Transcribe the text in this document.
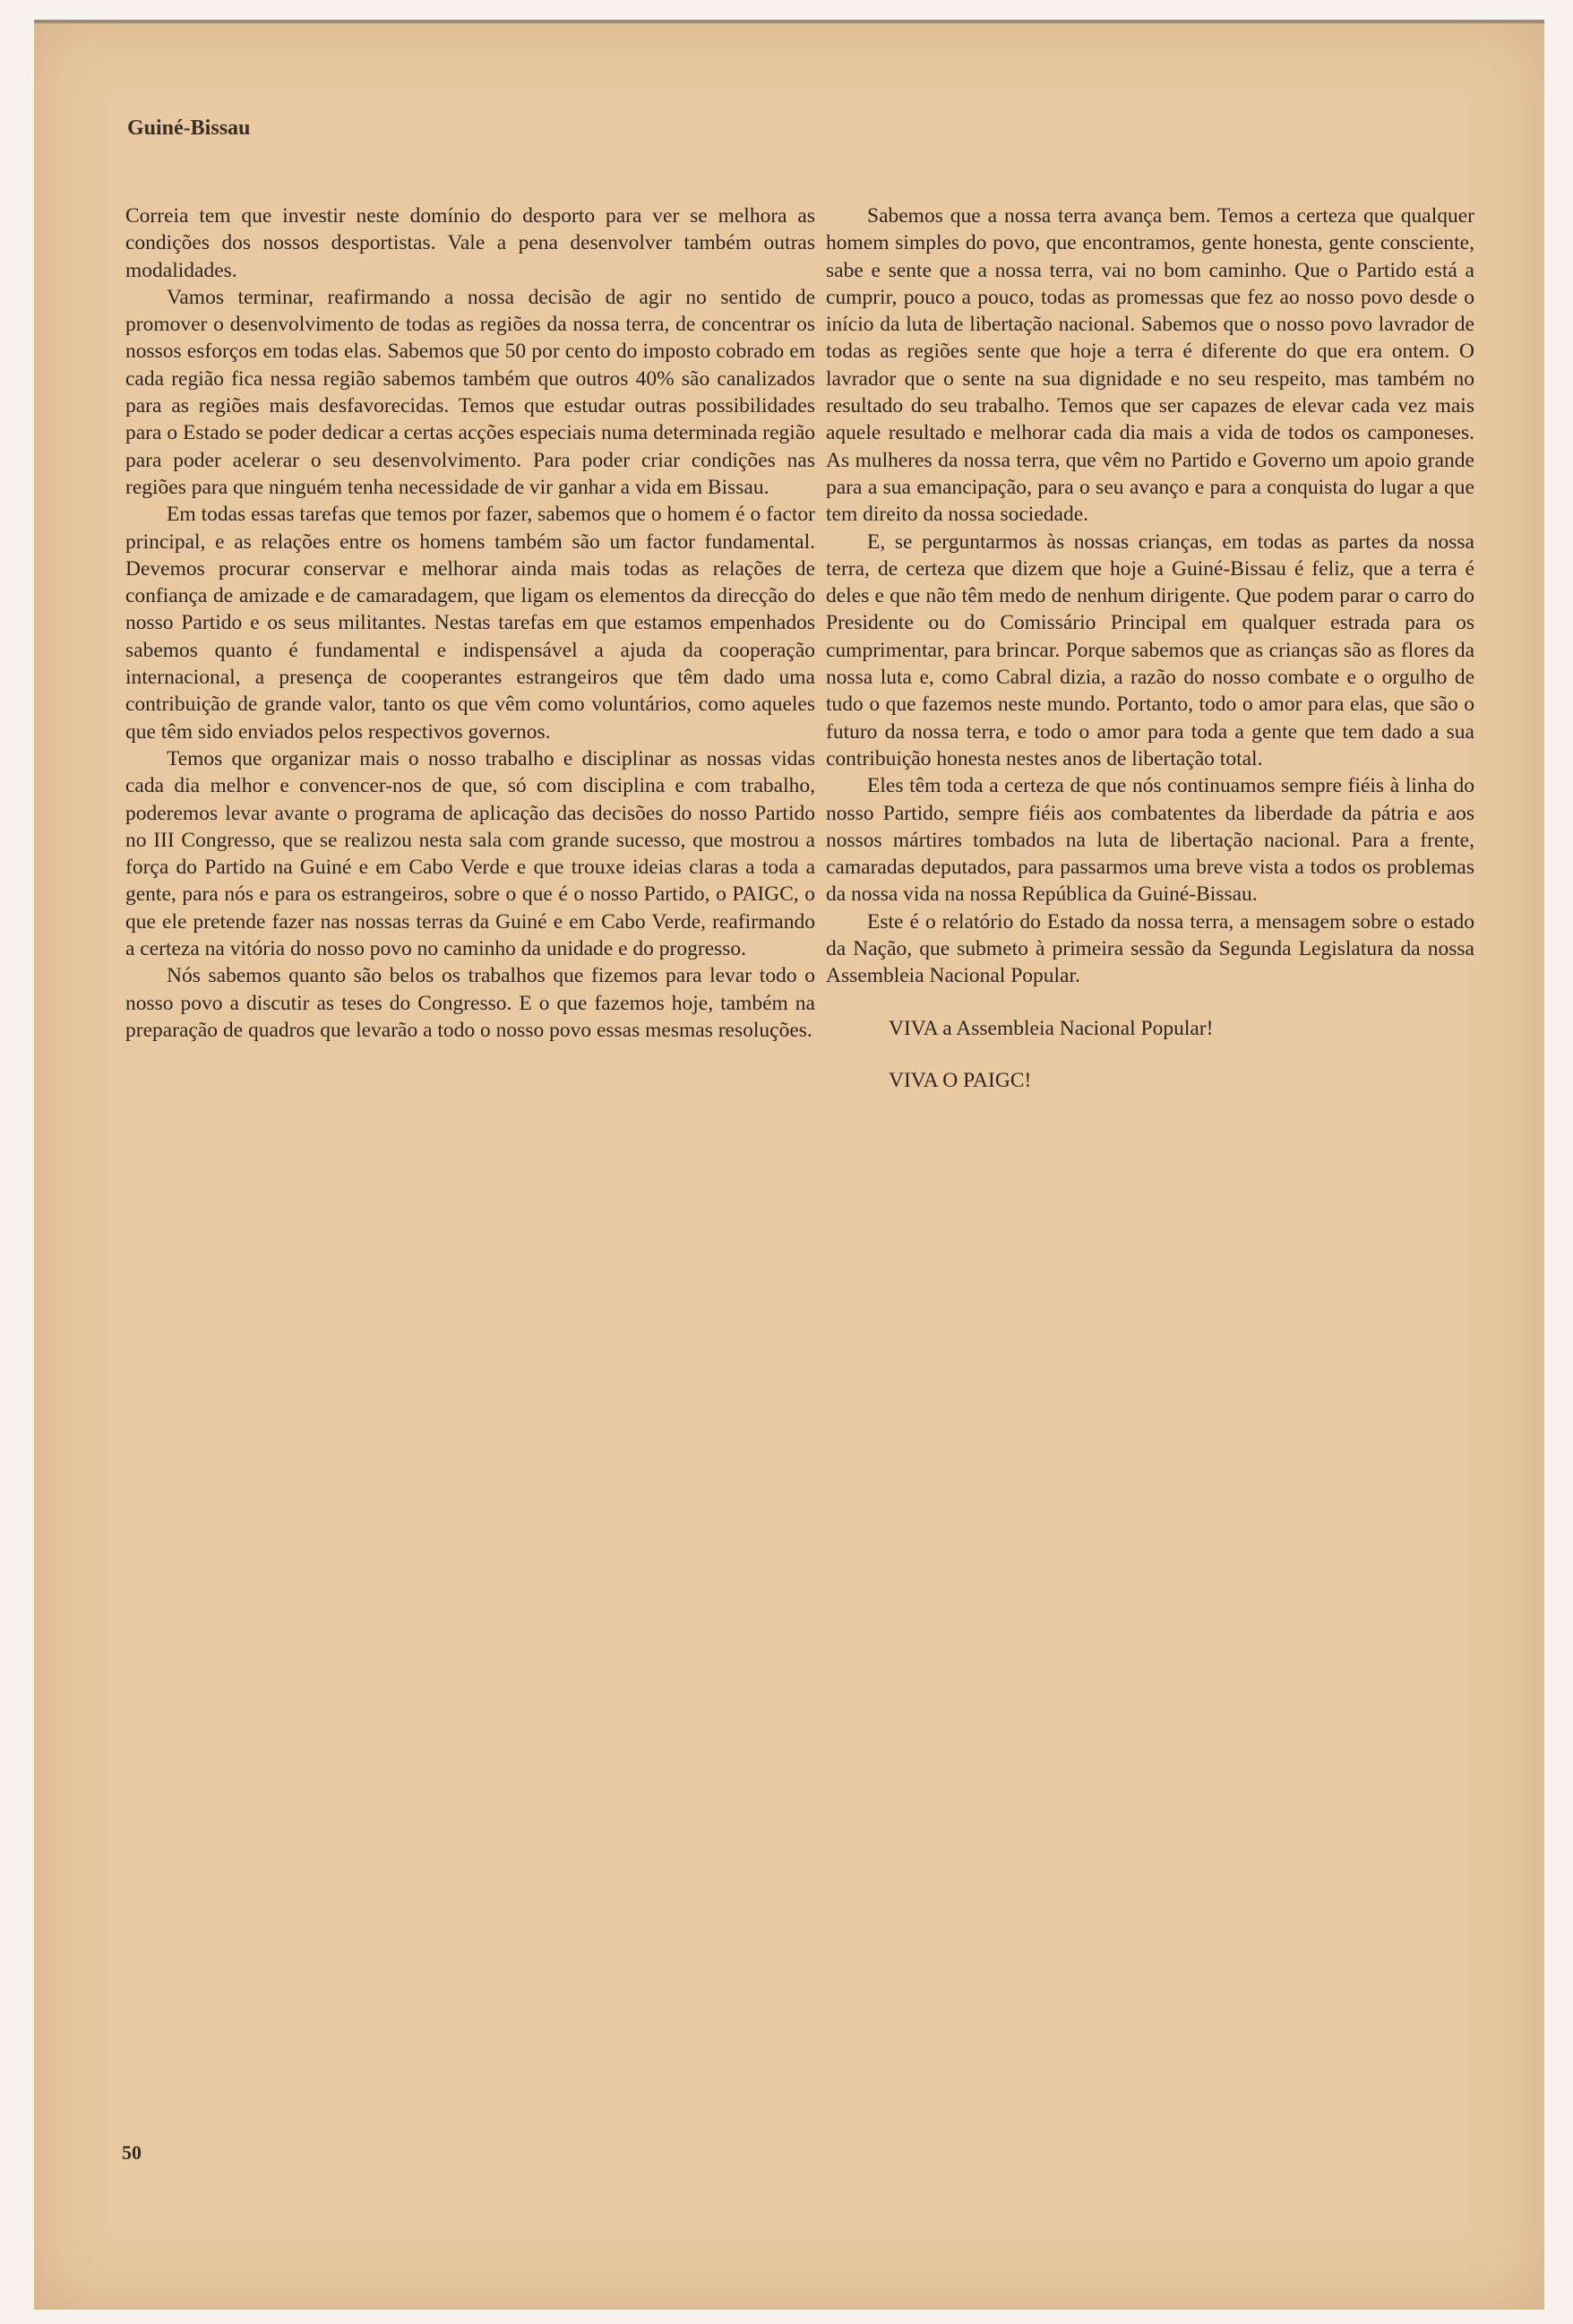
Guiné-Bissau

Correia tem que investir neste domínio do desporto para ver se melhora as condições dos nossos desportistas. Vale a pena desenvolver também outras modalidades.

Vamos terminar, reafirmando a nossa decisão de agir no sentido de promover o desenvolvimento de todas as regiões da nossa terra, de concentrar os nossos esforços em todas elas. Sabemos que 50 por cento do imposto cobrado em cada região fica nessa região sabemos também que outros 40% são canalizados para as regiões mais desfavorecidas. Temos que estudar outras possibilidades para o Estado se poder dedicar a certas acções especiais numa determinada região para poder acelerar o seu desenvolvimento. Para poder criar condições nas regiões para que ninguém tenha necessidade de vir ganhar a vida em Bissau.

Em todas essas tarefas que temos por fazer, sabemos que o homem é o factor principal, e as relações entre os homens também são um factor fundamental. Devemos procurar conservar e melhorar ainda mais todas as relações de confiança de amizade e de camaradagem, que ligam os elementos da direcção do nosso Partido e os seus militantes. Nestas tarefas em que estamos empenhados sabemos quanto é fundamental e indispensável a ajuda da cooperação internacional, a presença de cooperantes estrangeiros que têm dado uma contribuição de grande valor, tanto os que vêm como voluntários, como aqueles que têm sido enviados pelos respectivos governos.

Temos que organizar mais o nosso trabalho e disciplinar as nossas vidas cada dia melhor e convencer-nos de que, só com disciplina e com trabalho, poderemos levar avante o programa de aplicação das decisões do nosso Partido no III Congresso, que se realizou nesta sala com grande sucesso, que mostrou a força do Partido na Guiné e em Cabo Verde e que trouxe ideias claras a toda a gente, para nós e para os estrangeiros, sobre o que é o nosso Partido, o PAIGC, o que ele pretende fazer nas nossas terras da Guiné e em Cabo Verde, reafirmando a certeza na vitória do nosso povo no caminho da unidade e do progresso.

Nós sabemos quanto são belos os trabalhos que fizemos para levar todo o nosso povo a discutir as teses do Congresso. E o que fazemos hoje, também na preparação de quadros que levarão a todo o nosso povo essas mesmas resoluções.

Sabemos que a nossa terra avança bem. Temos a certeza que qualquer homem simples do povo, que encontramos, gente honesta, gente consciente, sabe e sente que a nossa terra, vai no bom caminho. Que o Partido está a cumprir, pouco a pouco, todas as promessas que fez ao nosso povo desde o início da luta de libertação nacional. Sabemos que o nosso povo lavrador de todas as regiões sente que hoje a terra é diferente do que era ontem. O lavrador que o sente na sua dignidade e no seu respeito, mas também no resultado do seu trabalho. Temos que ser capazes de elevar cada vez mais aquele resultado e melhorar cada dia mais a vida de todos os camponeses. As mulheres da nossa terra, que vêm no Partido e Governo um apoio grande para a sua emancipação, para o seu avanço e para a conquista do lugar a que tem direito da nossa sociedade.

E, se perguntarmos às nossas crianças, em todas as partes da nossa terra, de certeza que dizem que hoje a Guiné-Bissau é feliz, que a terra é deles e que não têm medo de nenhum dirigente. Que podem parar o carro do Presidente ou do Comissário Principal em qualquer estrada para os cumprimentar, para brincar. Porque sabemos que as crianças são as flores da nossa luta e, como Cabral dizia, a razão do nosso combate e o orgulho de tudo o que fazemos neste mundo. Portanto, todo o amor para elas, que são o futuro da nossa terra, e todo o amor para toda a gente que tem dado a sua contribuição honesta nestes anos de libertação total.

Eles têm toda a certeza de que nós continuamos sempre fiéis à linha do nosso Partido, sempre fiéis aos combatentes da liberdade da pátria e aos nossos mártires tombados na luta de libertação nacional. Para a frente, camaradas deputados, para passarmos uma breve vista a todos os problemas da nossa vida na nossa República da Guiné-Bissau.

Este é o relatório do Estado da nossa terra, a mensagem sobre o estado da Nação, que submeto à primeira sessão da Segunda Legislatura da nossa Assembleia Nacional Popular.

VIVA a Assembleia Nacional Popular!

VIVA O PAIGC!

50
